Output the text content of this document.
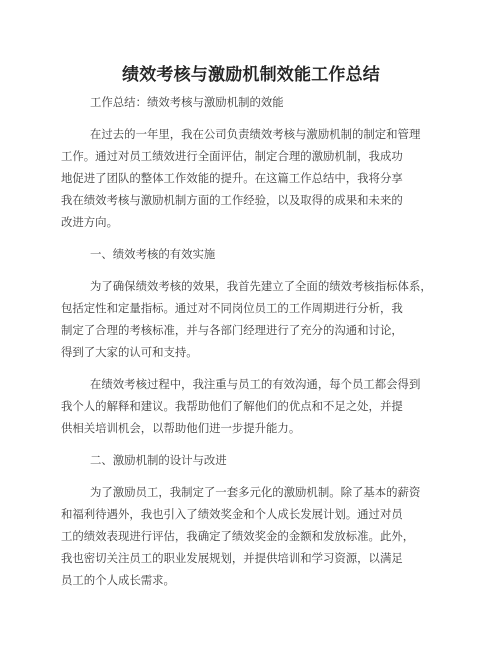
绩效考核与激励机制效能工作总结
工作总结：绩效考核与激励机制的效能
在过去的一年里，我在公司负责绩效考核与激励机制的制定和管理
工作。通过对员工绩效进行全面评估，制定合理的激励机制，我成功
地促进了团队的整体工作效能的提升。在这篇工作总结中，我将分享
我在绩效考核与激励机制方面的工作经验，以及取得的成果和未来的
改进方向。
一、绩效考核的有效实施
为了确保绩效考核的效果，我首先建立了全面的绩效考核指标体系，
包括定性和定量指标。通过对不同岗位员工的工作周期进行分析，我
制定了合理的考核标准，并与各部门经理进行了充分的沟通和讨论，
得到了大家的认可和支持。
在绩效考核过程中，我注重与员工的有效沟通，每个员工都会得到
我个人的解释和建议。我帮助他们了解他们的优点和不足之处，并提
供相关培训机会，以帮助他们进一步提升能力。
二、激励机制的设计与改进
为了激励员工，我制定了一套多元化的激励机制。除了基本的薪资
和福利待遇外，我也引入了绩效奖金和个人成长发展计划。通过对员
工的绩效表现进行评估，我确定了绩效奖金的金额和发放标准。此外，
我也密切关注员工的职业发展规划，并提供培训和学习资源，以满足
员工的个人成长需求。
